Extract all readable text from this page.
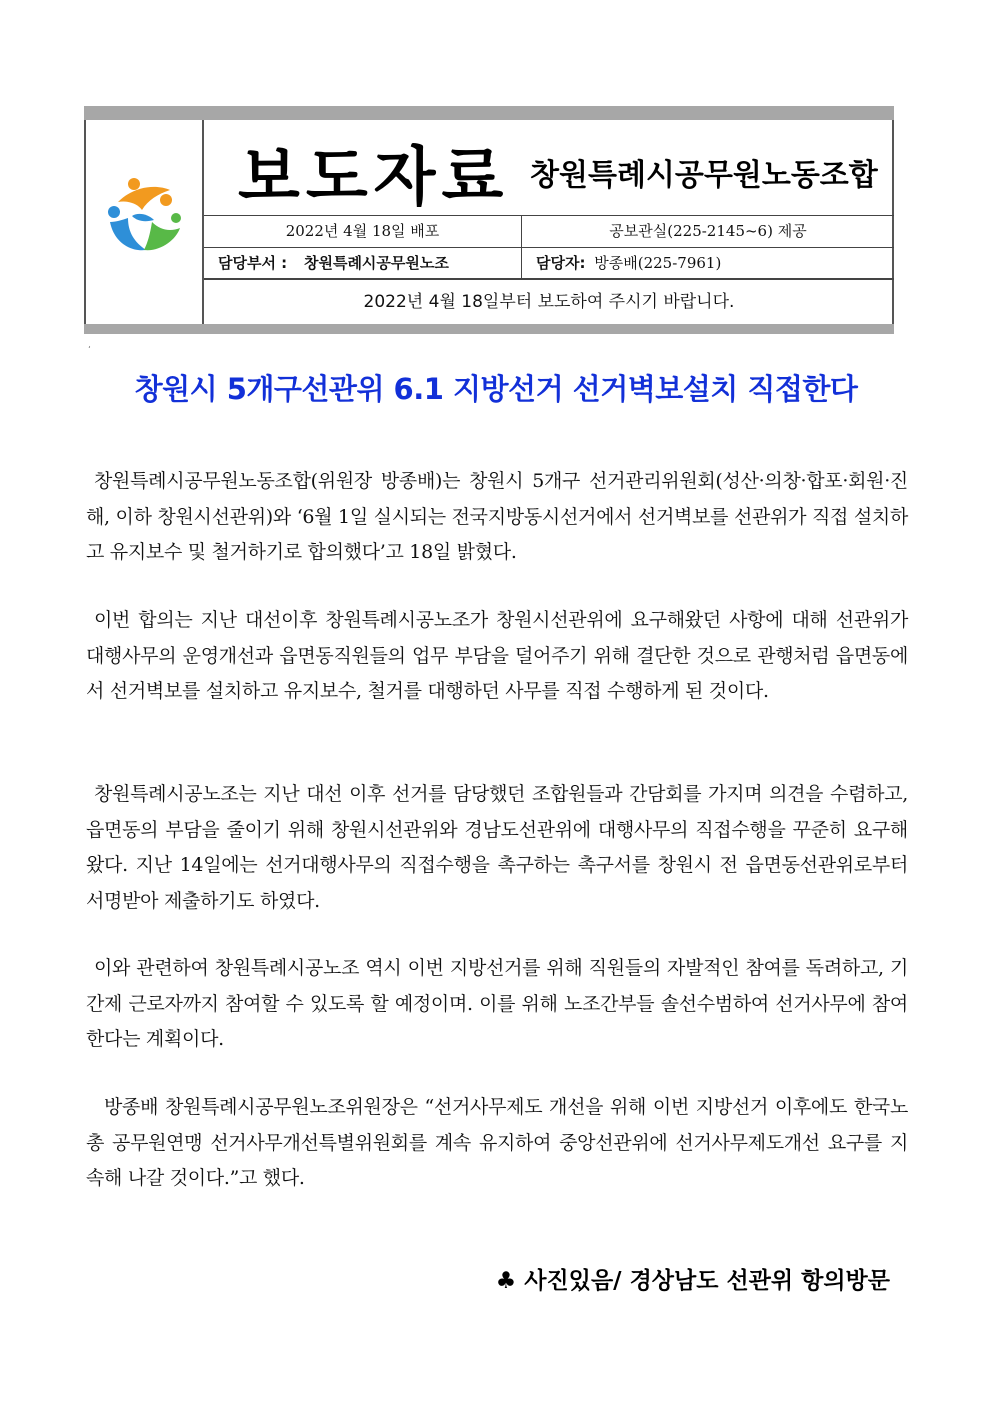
보도자료 창원특례시공무원노동조합
2022년 4월 18일 배포	공보관실(225-2145~6) 제공
담당부서 : 창원특례시공무원노조	담당자: 방종배(225-7961)
2022년 4월 18일부터 보도하여 주시기 바랍니다.
‘
창원시 5개구선관위 6.1 지방선거 선거벽보설치 직접한다
창원특례시공무원노동조합(위원장 방종배)는 창원시 5개구 선거관리위원회(성산·의창·합포·회원·진해, 이하 창원시선관위)와 ‘6월 1일 실시되는 전국지방동시선거에서 선거벽보를 선관위가 직접 설치하고 유지보수 및 철거하기로 합의했다’고 18일 밝혔다.
이번 합의는 지난 대선이후 창원특례시공노조가 창원시선관위에 요구해왔던 사항에 대해 선관위가 대행사무의 운영개선과 읍면동직원들의 업무 부담을 덜어주기 위해 결단한 것으로 관행처럼 읍면동에서 선거벽보를 설치하고 유지보수, 철거를 대행하던 사무를 직접 수행하게 된 것이다.
창원특례시공노조는 지난 대선 이후 선거를 담당했던 조합원들과 간담회를 가지며 의견을 수렴하고, 읍면동의 부담을 줄이기 위해 창원시선관위와 경남도선관위에 대행사무의 직접수행을 꾸준히 요구해왔다. 지난 14일에는 선거대행사무의 직접수행을 촉구하는 촉구서를 창원시 전 읍면동선관위로부터 서명받아 제출하기도 하였다.
이와 관련하여 창원특례시공노조 역시 이번 지방선거를 위해 직원들의 자발적인 참여를 독려하고, 기간제 근로자까지 참여할 수 있도록 할 예정이며. 이를 위해 노조간부들 솔선수범하여 선거사무에 참여한다는 계획이다.
방종배 창원특례시공무원노조위원장은 “선거사무제도 개선을 위해 이번 지방선거 이후에도 한국노총 공무원연맹 선거사무개선특별위원회를 계속 유지하여 중앙선관위에 선거사무제도개선 요구를 지속해 나갈 것이다.”고 했다.
♣ 사진있음/ 경상남도 선관위 항의방문
